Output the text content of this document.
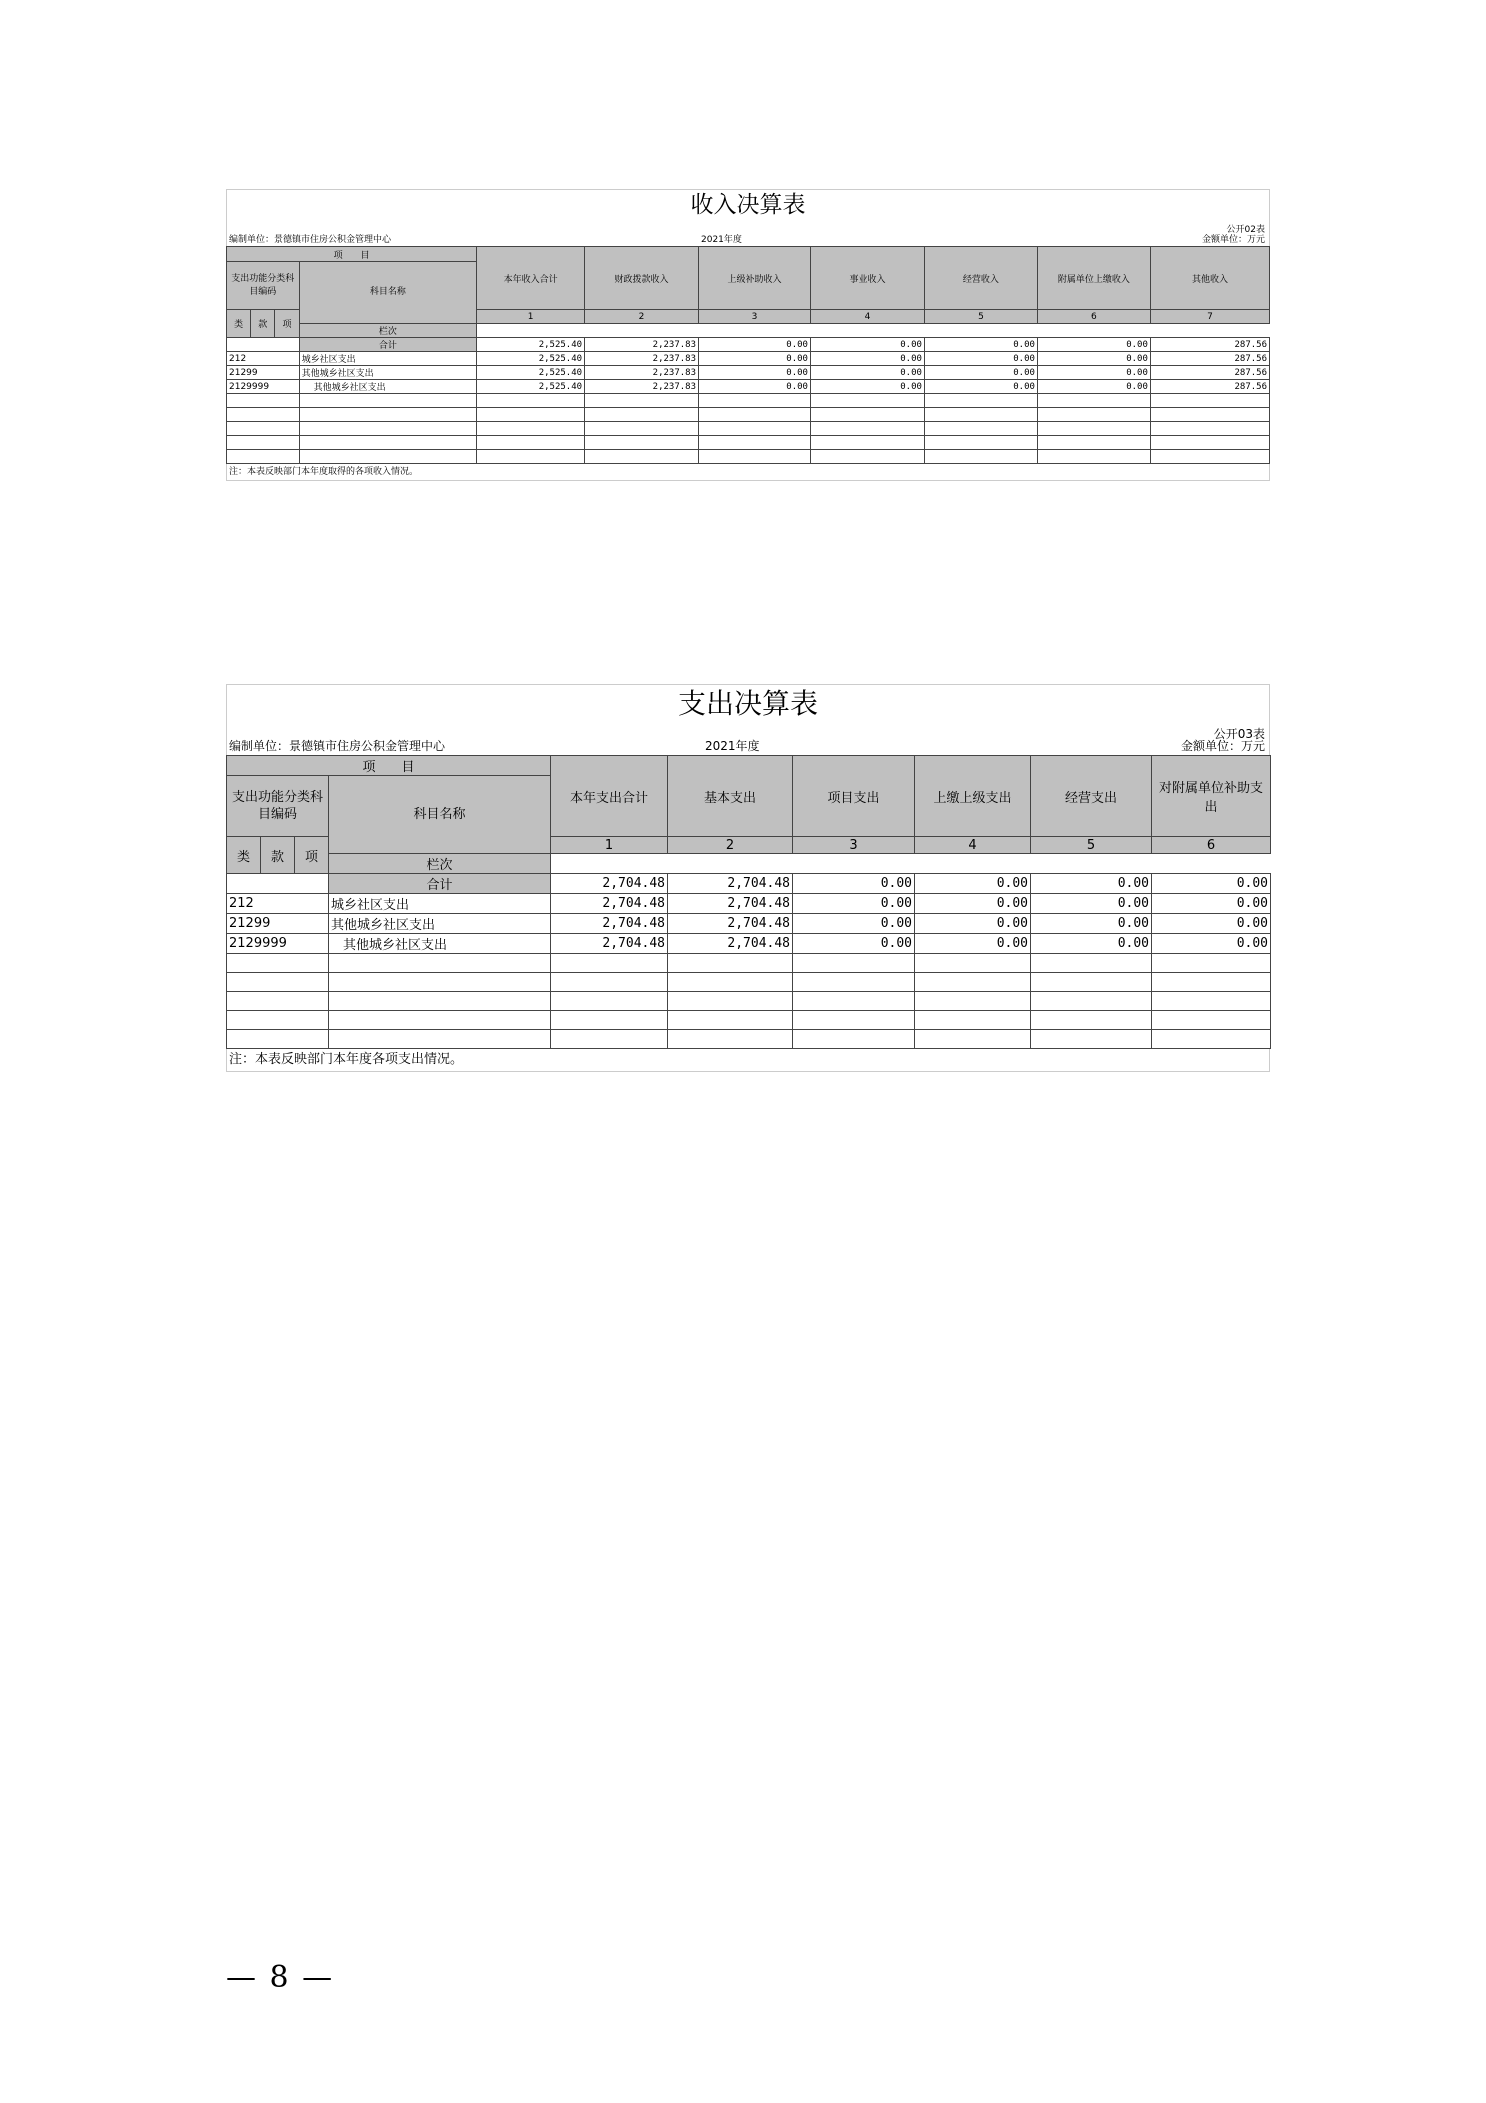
收入决算表
公开02表
编制单位：景德镇市住房公积金管理中心	2021年度	金额单位：万元
项　　目				本年收入合计	财政拨款收入	上级补助收入	事业收入	经营收入	附属单位上缴收入	其他收入
支出功能分类科目编码			科目名称							
类	款	项		1	2	3	4	5	6	7
			栏次							
			合计	2,525.40	2,237.83	0.00	0.00	0.00	0.00	287.56
212			城乡社区支出	2,525.40	2,237.83	0.00	0.00	0.00	0.00	287.56
21299			其他城乡社区支出	2,525.40	2,237.83	0.00	0.00	0.00	0.00	287.56
2129999			其他城乡社区支出	2,525.40	2,237.83	0.00	0.00	0.00	0.00	287.56

注：本表反映部门本年度取得的各项收入情况。
支出决算表
公开03表
编制单位：景德镇市住房公积金管理中心	2021年度	金额单位：万元
项　　目				本年支出合计	基本支出	项目支出	上缴上级支出	经营支出	对附属单位补助支出
支出功能分类科目编码			科目名称						
类	款	项		1	2	3	4	5	6
			栏次						
			合计	2,704.48	2,704.48	0.00	0.00	0.00	0.00
212			城乡社区支出	2,704.48	2,704.48	0.00	0.00	0.00	0.00
21299			其他城乡社区支出	2,704.48	2,704.48	0.00	0.00	0.00	0.00
2129999			其他城乡社区支出	2,704.48	2,704.48	0.00	0.00	0.00	0.00

注：本表反映部门本年度各项支出情况。
— 8 —
